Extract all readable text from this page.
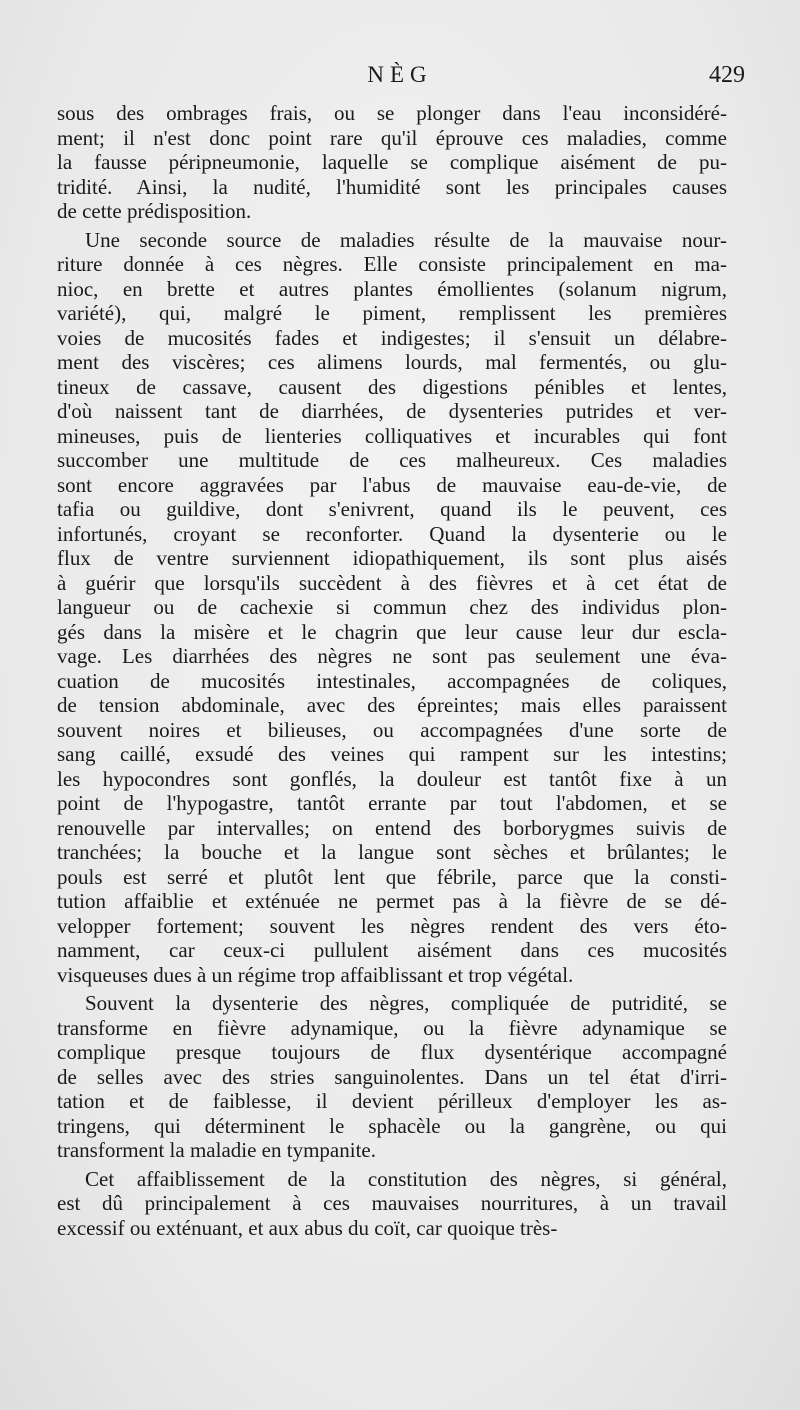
NÈG	429
sous des ombrages frais, ou se plonger dans l'eau inconsidéré-
ment; il n'est donc point rare qu'il éprouve ces maladies, comme
la fausse péripneumonie, laquelle se complique aisément de pu-
tridité. Ainsi, la nudité, l'humidité sont les principales causes
de cette prédisposition.
Une seconde source de maladies résulte de la mauvaise nour-
riture donnée à ces nègres. Elle consiste principalement en ma-
nioc, en brette et autres plantes émollientes (solanum nigrum,
variété), qui, malgré le piment, remplissent les premières
voies de mucosités fades et indigestes; il s'ensuit un délabre-
ment des viscères; ces alimens lourds, mal fermentés, ou glu-
tineux de cassave, causent des digestions pénibles et lentes,
d'où naissent tant de diarrhées, de dysenteries putrides et ver-
mineuses, puis de lienteries colliquatives et incurables qui font
succomber une multitude de ces malheureux. Ces maladies
sont encore aggravées par l'abus de mauvaise eau-de-vie, de
tafia ou guildive, dont s'enivrent, quand ils le peuvent, ces
infortunés, croyant se reconforter. Quand la dysenterie ou le
flux de ventre surviennent idiopathiquement, ils sont plus aisés
à guérir que lorsqu'ils succèdent à des fièvres et à cet état de
langueur ou de cachexie si commun chez des individus plon-
gés dans la misère et le chagrin que leur cause leur dur escla-
vage. Les diarrhées des nègres ne sont pas seulement une éva-
cuation de mucosités intestinales, accompagnées de coliques,
de tension abdominale, avec des épreintes; mais elles paraissent
souvent noires et bilieuses, ou accompagnées d'une sorte de
sang caillé, exsudé des veines qui rampent sur les intestins;
les hypocondres sont gonflés, la douleur est tantôt fixe à un
point de l'hypogastre, tantôt errante par tout l'abdomen, et se
renouvelle par intervalles; on entend des borborygmes suivis de
tranchées; la bouche et la langue sont sèches et brûlantes; le
pouls est serré et plutôt lent que fébrile, parce que la consti-
tution affaiblie et exténuée ne permet pas à la fièvre de se dé-
velopper fortement; souvent les nègres rendent des vers éto-
namment, car ceux-ci pullulent aisément dans ces mucosités
visqueuses dues à un régime trop affaiblissant et trop végétal.
Souvent la dysenterie des nègres, compliquée de putridité, se
transforme en fièvre adynamique, ou la fièvre adynamique se
complique presque toujours de flux dysentérique accompagné
de selles avec des stries sanguinolentes. Dans un tel état d'irri-
tation et de faiblesse, il devient périlleux d'employer les as-
tringens, qui déterminent le sphacèle ou la gangrène, ou qui
transforment la maladie en tympanite.
Cet affaiblissement de la constitution des nègres, si général,
est dû principalement à ces mauvaises nourritures, à un travail
excessif ou exténuant, et aux abus du coït, car quoique très-
